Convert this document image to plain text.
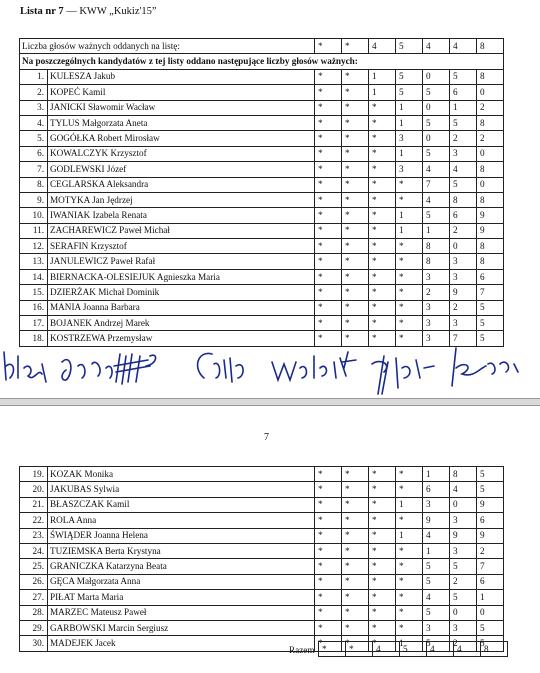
Lista nr 7 — KWW „Kukiz'15”
Liczba głosów ważnych oddanych na listę:		*	*	4	5	4	4	8
Na poszczególnych kandydatów z tej listy oddano następujące liczby głosów ważnych:								
1.	KULESZA Jakub	*	*	1	5	0	5	8
2.	KOPEĆ Kamil	*	*	1	5	5	6	0
3.	JANICKI Sławomir Wacław	*	*	*	1	0	1	2
4.	TYLUS Małgorzata Aneta	*	*	*	1	5	5	8
5.	GOGÓŁKA Robert Mirosław	*	*	*	3	0	2	2
6.	KOWALCZYK Krzysztof	*	*	*	1	5	3	0
7.	GODLEWSKI Józef	*	*	*	3	4	4	8
8.	CEGLARSKA Aleksandra	*	*	*	*	7	5	0
9.	MOTYKA Jan Jędrzej	*	*	*	*	4	8	8
10.	IWANIAK Izabela Renata	*	*	*	1	5	6	9
11.	ZACHAREWICZ Paweł Michał	*	*	*	1	1	2	9
12.	SERAFIN Krzysztof	*	*	*	*	8	0	8
13.	JANULEWICZ Paweł Rafał	*	*	*	*	8	3	8
14.	BIERNACKA-OLESIEJUK Agnieszka Maria	*	*	*	*	3	3	6
15.	DZIERŻAK Michał Dominik	*	*	*	*	2	9	7
16.	MANIA Joanna Barbara	*	*	*	*	3	2	5
17.	BOJANEK Andrzej Marek	*	*	*	*	3	3	5
18.	KOSTRZEWA Przemysław	*	*	*	*	3	7	5
7
19.	KOZAK Monika	*	*	*	*	1	8	5
20.	JAKUBAS Sylwia	*	*	*	*	6	4	5
21.	BŁASZCZAK Kamil	*	*	*	1	3	0	9
22.	ROLA Anna	*	*	*	*	9	3	6
23.	ŚWIĄDER Joanna Helena	*	*	*	1	4	9	9
24.	TUZIEMSKA Berta Krystyna	*	*	*	*	1	3	2
25.	GRANICZKA Katarzyna Beata	*	*	*	*	5	5	7
26.	GĘCA Małgorzata Anna	*	*	*	*	5	2	6
27.	PIŁAT Marta Maria	*	*	*	*	4	5	1
28.	MARZEC Mateusz Paweł	*	*	*	*	5	0	0
29.	GARBOWSKI Marcin Sergiusz	*	*	*	*	3	3	5
30.	MADEJEK Jacek	*	*	*	1	5	2	5
Razem *	*	4	5	4	4	8
